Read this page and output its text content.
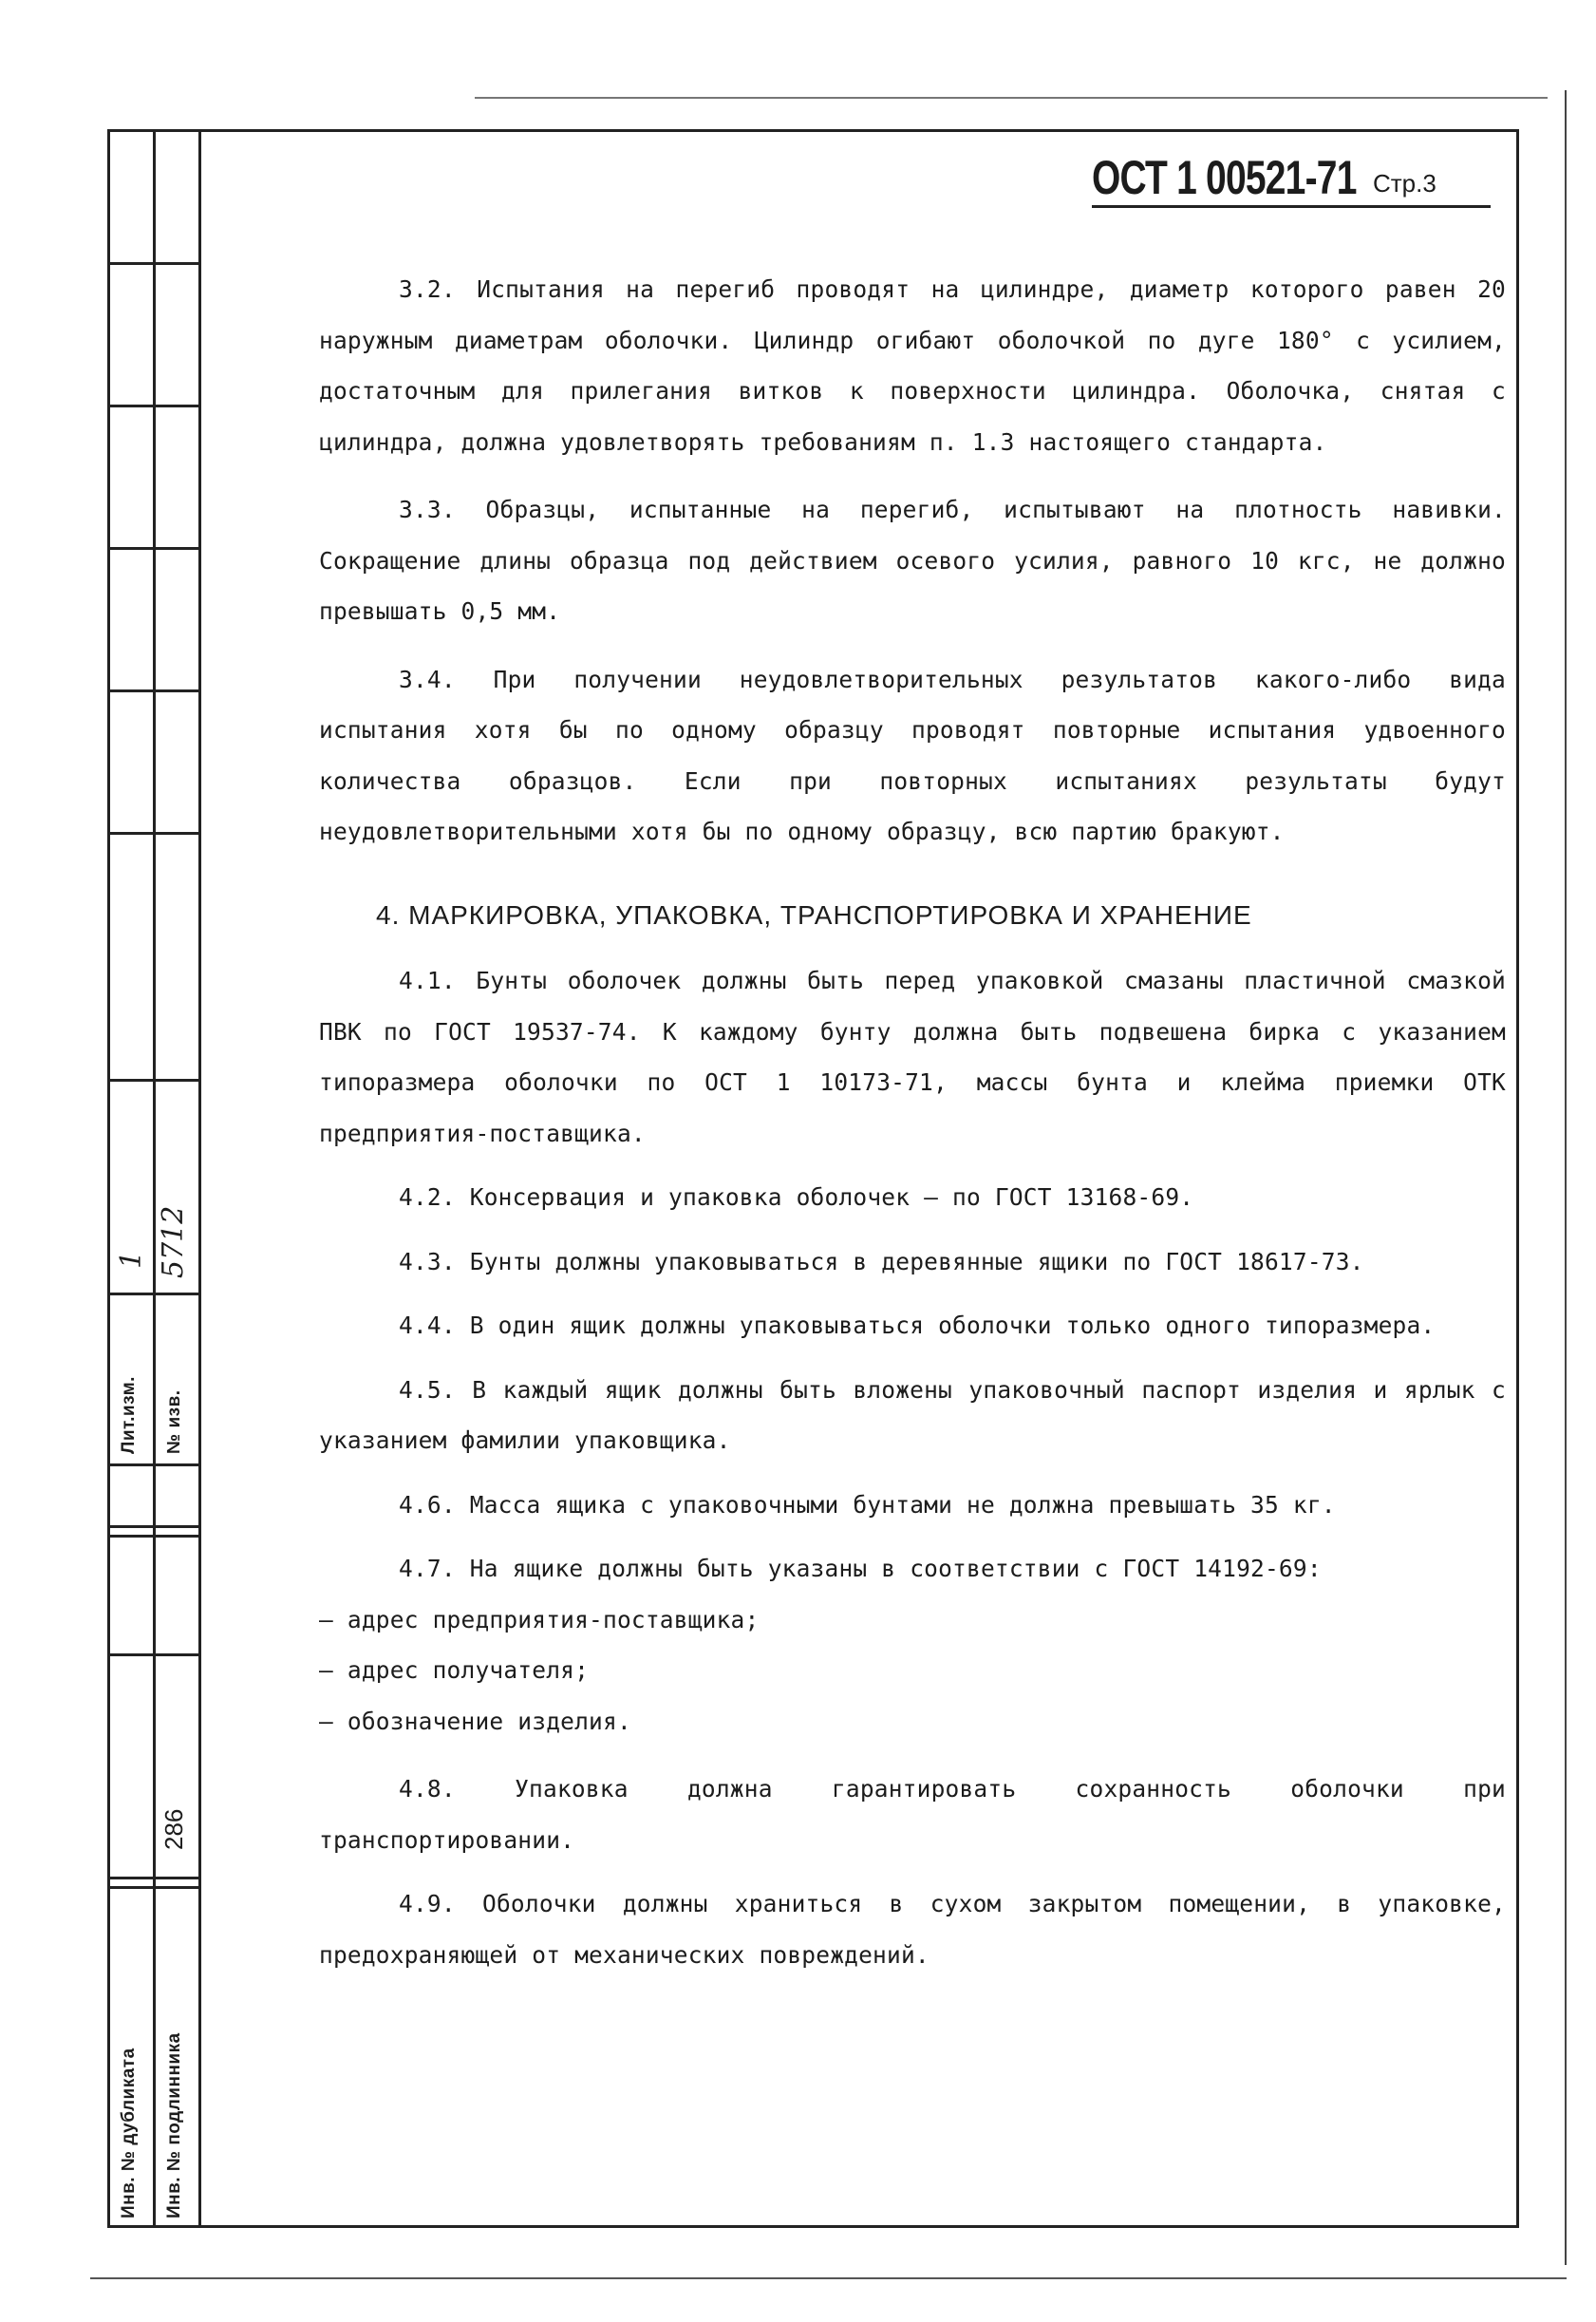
1 5712
Лит.изм. № изв.
286
Инв. № дубликата Инв. № подлинника
ОСТ 1 00521-71 Стр.3

3.2. Испытания на перегиб проводят на цилиндре, диаметр которого равен 20 наружным диаметрам оболочки. Цилиндр огибают оболочкой по дуге 180° с усилием, достаточным для прилегания витков к поверхности цилиндра. Оболочка, снятая с цилиндра, должна удовлетворять требованиям п. 1.3 настоящего стандарта.

3.3. Образцы, испытанные на перегиб, испытывают на плотность навивки. Сокращение длины образца под действием осевого усилия, равного 10 кгс, не должно превышать 0,5 мм.

3.4. При получении неудовлетворительных результатов какого-либо вида испытания хотя бы по одному образцу проводят повторные испытания удвоенного количества образцов. Если при повторных испытаниях результаты будут неудовлетворительными хотя бы по одному образцу, всю партию бракуют.

4. МАРКИРОВКА, УПАКОВКА, ТРАНСПОРТИРОВКА И ХРАНЕНИЕ

4.1. Бунты оболочек должны быть перед упаковкой смазаны пластичной смазкой ПВК по ГОСТ 19537-74. К каждому бунту должна быть подвешена бирка с указанием типоразмера оболочки по ОСТ 1 10173-71, массы бунта и клейма приемки ОТК предприятия-поставщика.

4.2. Консервация и упаковка оболочек – по ГОСТ 13168-69.

4.3. Бунты должны упаковываться в деревянные ящики по ГОСТ 18617-73.

4.4. В один ящик должны упаковываться оболочки только одного типоразмера.

4.5. В каждый ящик должны быть вложены упаковочный паспорт изделия и ярлык с указанием фамилии упаковщика.

4.6. Масса ящика с упаковочными бунтами не должна превышать 35 кг.

4.7. На ящике должны быть указаны в соответствии с ГОСТ 14192-69:

– адрес предприятия-поставщика;

– адрес получателя;

– обозначение изделия.

4.8. Упаковка должна гарантировать сохранность оболочки при транспортировании.

4.9. Оболочки должны храниться в сухом закрытом помещении, в упаковке, предохраняющей от механических повреждений.
